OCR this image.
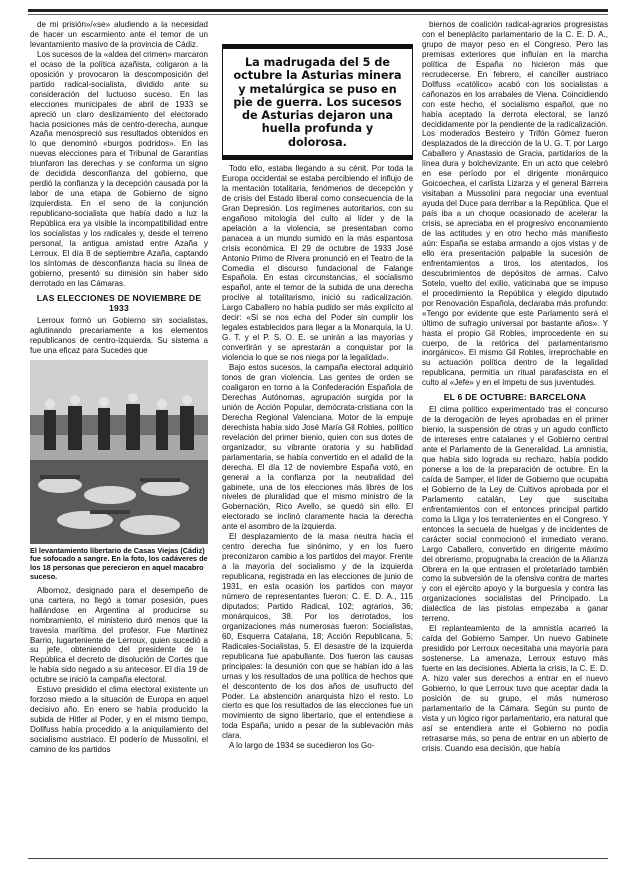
de mi prisión»/«se» aludiendo a la necesidad de hacer un escarmiento ante el temor de un levantamiento masivo de la provincia de Cádiz.

Los sucesos de la «aldea del crimen» marcaron el ocaso de la política azañista, coligaron a la oposición y provocaron la descomposición del partido radical-socialista, dividido ante su consideración del luctuoso suceso. En las elecciones municipales de abril de 1933 se apreció un claro deslizamiento del electorado hacia posiciones más de centro-derecha, aunque Azaña menospreció sus resultados obtenidos en lo que denominó «burgos podridos». En las nuevas elecciones para el Tribunal de Garantías triunfaron las derechas y se conforma un signo de decidida desconfianza del gobierno, que perdió la confianza y la decepción causada por la labor de una etapa de Gobierno de signo izquierdista. En el seno de la conjunción republicano-socialista que había dado a luz la República era ya visible la incompatibilidad entre los socialistas y los radicales y, desde el terreno personal, la antigua amistad entre Azaña y Lerroux. El día 8 de septiembre Azaña, captando los síntomas de desconfianza hacia su línea de gobierno, presentó su dimisión sin haber sido derrotado en las Cámaras.

LAS ELECCIONES DE NOVIEMBRE DE 1933

Lerroux formó un Gobierno sin socialistas, aglutinando precariamente a los elementos republicanos de centro-izquierda. Su sistema a fue una eficaz para Sucedes que

El levantamiento libertario de Casas Viejas (Cádiz) fue sofocado a sangre. En la foto, los cadáveres de los 18 personas que perecieron en aquel macabro suceso.

Albornoz, designado para el desempeño de una cartera, no llegó a tomar posesión, pues hallándose en Argentina al producirse su nombramiento, el ministerio duró menos que la travesía marítima del profesor. Fue Martínez Barrio, lugarteniente de Lerroux, quien sucedió a su jefe, obteniendo del presidente de la República el decreto de disolución de Cortes que le había sido negado a su antecesor. El día 19 de octubre se inició la campaña electoral.

Estuvo presidido el clima electoral existente un forzoso miedo a la situación de Europa en aquel decisivo año. En enero se había producido la subida de Hitler al Poder, y en el mismo tiempo, Dollfuss había procedido a la aniquilamiento del socialismo austriaco. El poderío de Mussolini, el camino de los partidos

La madrugada del 5 de octubre la Asturias minera y metalúrgica se puso en pie de guerra. Los sucesos de Asturias dejaron una huella profunda y dolorosa.

Todo ello, estaba llegando a su cénit. Por toda la Europa occidental se estaba percibiendo el influjo de la mentación totalitaria, fenómenos de decepción y de crisis del Estado liberal como consecuencia de la Gran Depresión. Los regímenes autoritarios, con su engañoso mitología del culto al líder y de la apelación a la violencia, se presentaban como panacea a un mundo sumido en la más espantosa crisis económica. El 29 de octubre de 1933 José Antonio Primo de Rivera pronunció en el Teatro de la Comedia el discurso fundacional de Falange Española. En estas circunstancias, el socialismo español, ante el temor de la subida de una derecha proclive al totalitarismo, inició su radicalización. Largo Caballero no había pudido ser más explícito al decir: «Si se nos echa del Poder sin cumplir los legales establecidos para llegar a la Monarquía, la U. G. T. y el P. S. O. E. se unirán a las mayorías y convertirán y se aprestarán a conquistar por la violencia lo que se nos niega por la legalidad».

Bajo estos sucesos, la campaña electoral adquirió tonos de gran violencia. Las gentes de orden se coaligaron en torno a la Confederación Española de Derechas Autónomas, agrupación surgida por la unión de Acción Popular, demócrata-cristiana con la Derecha Regional Valenciana. Motor de la empuje derechista había sido José María Gil Robles, político revelación del primer bienio, quien con sus dotes de organizador, su vibrante oratoria y su habilidad parlamentaria, se había convertido en el adalid de la derecha. El día 12 de noviembre España votó, en general a la confianza por la neutralidad del gabinete, una de los elecciones más libres de los niveles de pluralidad que el mismo ministro de la Gobernación, Rico Avello, se quedó sin ello. El electorado se inclinó claramente hacia la derecha ante el asombro de la izquierda.

El desplazamiento de la masa neutra hacia el centro derecha fue sinónimo, y en los fuero preconizaron cambio a los partidos del mayor. Frente a la mayoría del socialismo y de la izquierda republicana, registrada en las elecciones de junio de 1931, en esta ocasión los partidos con mayor número de representantes fueron: C. E. D. A., 115 diputados; Partido Radical, 102; agrarios, 36; monárquicos, 38. Por los derrotados, los organizaciones más numerosas fueron: Socialistas, 60, Esquerra Catalana, 18; Acción Republicana, 5; Radicales-Socialistas, 5. El desastre de la izquierda republicana fue apabullante. Dos fueron las causas principales: la desunión con que se habían ido a las urnas y los resultados de una política de hechos que el descontento de los dos años de usufructo del Poder. La abstención anarquista hizo el resto. Lo cierto es que los resultados de las elecciones fue un movimiento de signo libertario, que el entendiese a toda España, unido a pesar de la sublevación más clara.

A lo largo de 1934 se sucedieron los Go-

biernos de coalición radical-agrarios progresistas con el beneplácito parlamentario de la C. E. D. A., grupo de mayor peso en el Congreso. Pero las premisas exteriores que influían en la marcha política de España no hicieron más que recrudecerse. En febrero, el canciller austriaco Dollfuss «católico» acabó con los socialistas a cañonazos en los arrabales de Viena. Coincidiendo con este hecho, el socialismo español, que no había aceptado la derrota electoral, se lanzó decididamente por la pendiente de la radicalización. Los moderados Besteiro y Trifón Gómez fueron desplazados de la dirección de la U. G. T. por Largo Caballero y Anastasio de Gracia, partidarios de la línea dura y bolchevizante. En un acto que celebró en ese período por el dirigente monárquico Goicoechea, el carlista Lizarza y el general Barrera visitaban a Mussolini para negociar una eventual ayuda del Duce para derribar a la República. Que el país iba a un choque ocasionado de acelerar la crisis, se apreciaba en el progresivo enconamiento de las actitudes y en otro hecho más manifiesto aún: España se estaba armando a ojos vistas y de ello era presentación palpable la sucesión de enfrentamientos a tiros, los atentados, los descubrimientos de depósitos de armas. Calvo Sotelo, vuelto del exilio, vaticinaba que se impuso el procedimiento la República y elegido diputado por Renovación Española, declaraba más profundo: «Tengo por evidente que este Parlamento será el último de sufragio universal por bastante años». Y hasta el propio Gil Robles, improcedente en su cuerpo, de la retórica del parlamentarismo inorgánico». El mismo Gil Robles, irreprochable en su actuación política dentro de la legalidad republicana, permitía un ritual parafascista en el culto al «Jefe» y en el ímpetu de sus juventudes.

EL 6 DE OCTUBRE: BARCELONA

El clima político experimentado tras el concurso de la derogación de leyes aprobadas en el primer bienio, la suspensión de otras y un agudo conflicto de intereses entre catalanes y el Gobierno central ante el Parlamento de la Generalidad. La amnistía, que había sido lograda su rechazo, había podido ponerse a los de la preparación de octubre. En la caída de Samper, el líder de Gobierno que ocupaba el Gobierno de la Ley de Cultivos aprobada por el Parlamento catalán, Ley que suscitaba enfrentamientos con el entonces principal partido como la Lliga y los terratenientes en el Congreso. Y entonces la secuela de huelgas y de incidentes de carácter social conmocionó el inmediato verano. Largo Caballero, convertido en dirigente máximo del obrerismo, propugnaba la creación de la Alianza Obrera en la que entrasen el proletariado también como la subversión de la ofensiva contra de martes y con el ejército apoyo y la burguesía y contra las organizaciones socialistas del Principado. La dialéctica de las pistolas empezaba a ganar terreno.

El replanteamiento de la amnistía acarreó la caída del Gobierno Samper. Un nuevo Gabinete presidido por Lerroux necesitaba una mayoría para sostenerse. La amenaza, Lerroux estuvo más fuerte en las decisiones. Abierta la crisis, la C. E. D. A. hizo valer sus derechos a entrar en el nuevo Gobierno, lo que Lerroux tuvo que aceptar dada la posición de su grupo, el más numeroso parlamentario de la Cámara. Según su punto de vista y un lógico rigor parlamentario, era natural que así se entendiera ante el Gobierno no podía retrasarse más, so pena de entrar en un abierto de crisis. Cuando esa decisión, que había
